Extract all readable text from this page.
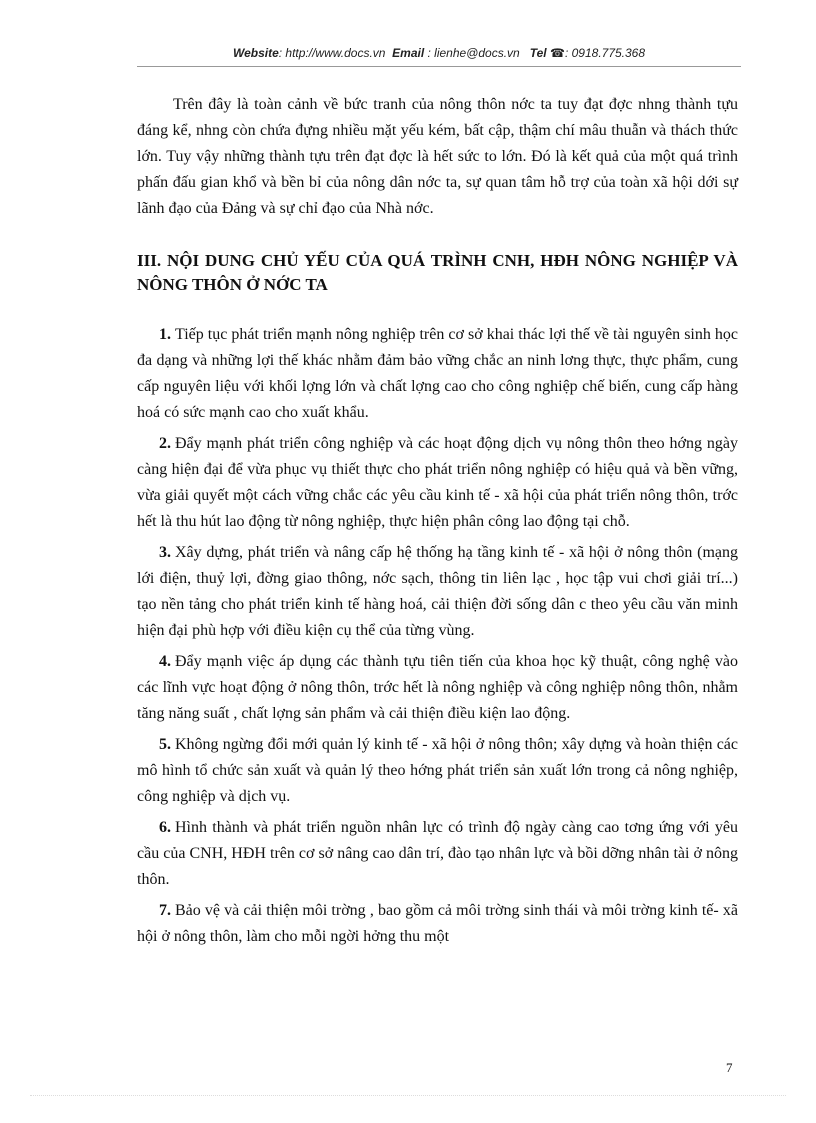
Website: http://www.docs.vn Email : lienhe@docs.vn Tel ☎: 0918.775.368

Trên đây là toàn cảnh về bức tranh của nông thôn nớc ta tuy đạt đợc nhng thành tựu đáng kể, nhng còn chứa đựng nhiều mặt yếu kém, bất cập, thậm chí mâu thuẫn và thách thức lớn. Tuy vậy những thành tựu trên đạt đợc là hết sức to lớn. Đó là kết quả của một quá trình phấn đấu gian khổ và bền bỉ của nông dân nớc ta, sự quan tâm hỗ trợ của toàn xã hội dới sự lãnh đạo của Đảng và sự chỉ đạo của Nhà nớc.

III. NỘI DUNG CHỦ YẾU CỦA QUÁ TRÌNH CNH, HĐH NÔNG NGHIỆP VÀ NÔNG THÔN Ở NỚC TA

1. Tiếp tục phát triển mạnh nông nghiệp trên cơ sở khai thác lợi thế về tài nguyên sinh học đa dạng và những lợi thế khác nhằm đảm bảo vững chắc an ninh lơng thực, thực phẩm, cung cấp nguyên liệu với khối lợng lớn và chất lợng cao cho công nghiệp chế biến, cung cấp hàng hoá có sức mạnh cao cho xuất khẩu.

2. Đẩy mạnh phát triển công nghiệp và các hoạt động dịch vụ nông thôn theo hớng ngày càng hiện đại để vừa phục vụ thiết thực cho phát triển nông nghiệp có hiệu quả và bền vững, vừa giải quyết một cách vững chắc các yêu cầu kinh tế - xã hội của phát triển nông thôn, trớc hết là thu hút lao động từ nông nghiệp, thực hiện phân công lao động tại chỗ.

3. Xây dựng, phát triển và nâng cấp hệ thống hạ tầng kinh tế - xã hội ở nông thôn (mạng lới điện, thuỷ lợi, đờng giao thông, nớc sạch, thông tin liên lạc , học tập vui chơi giải trí...) tạo nền tảng cho phát triển kinh tế hàng hoá, cải thiện đời sống dân c theo yêu cầu văn minh hiện đại phù hợp với điều kiện cụ thể của từng vùng.

4. Đẩy mạnh việc áp dụng các thành tựu tiên tiến của khoa học kỹ thuật, công nghệ vào các lĩnh vực hoạt động ở nông thôn, trớc hết là nông nghiệp và công nghiệp nông thôn, nhằm tăng năng suất , chất lợng sản phẩm và cải thiện điều kiện lao động.

5. Không ngừng đổi mới quản lý kinh tế - xã hội ở nông thôn; xây dựng và hoàn thiện các mô hình tổ chức sản xuất và quản lý theo hớng phát triển sản xuất lớn trong cả nông nghiệp, công nghiệp và dịch vụ.

6. Hình thành và phát triển nguồn nhân lực có trình độ ngày càng cao tơng ứng với yêu cầu của CNH, HĐH trên cơ sở nâng cao dân trí, đào tạo nhân lực và bồi dỡng nhân tài ở nông thôn.

7. Bảo vệ và cải thiện môi trờng , bao gồm cả môi trờng sinh thái và môi trờng kinh tế- xã hội ở nông thôn, làm cho mỗi ngời hởng thu một

7
